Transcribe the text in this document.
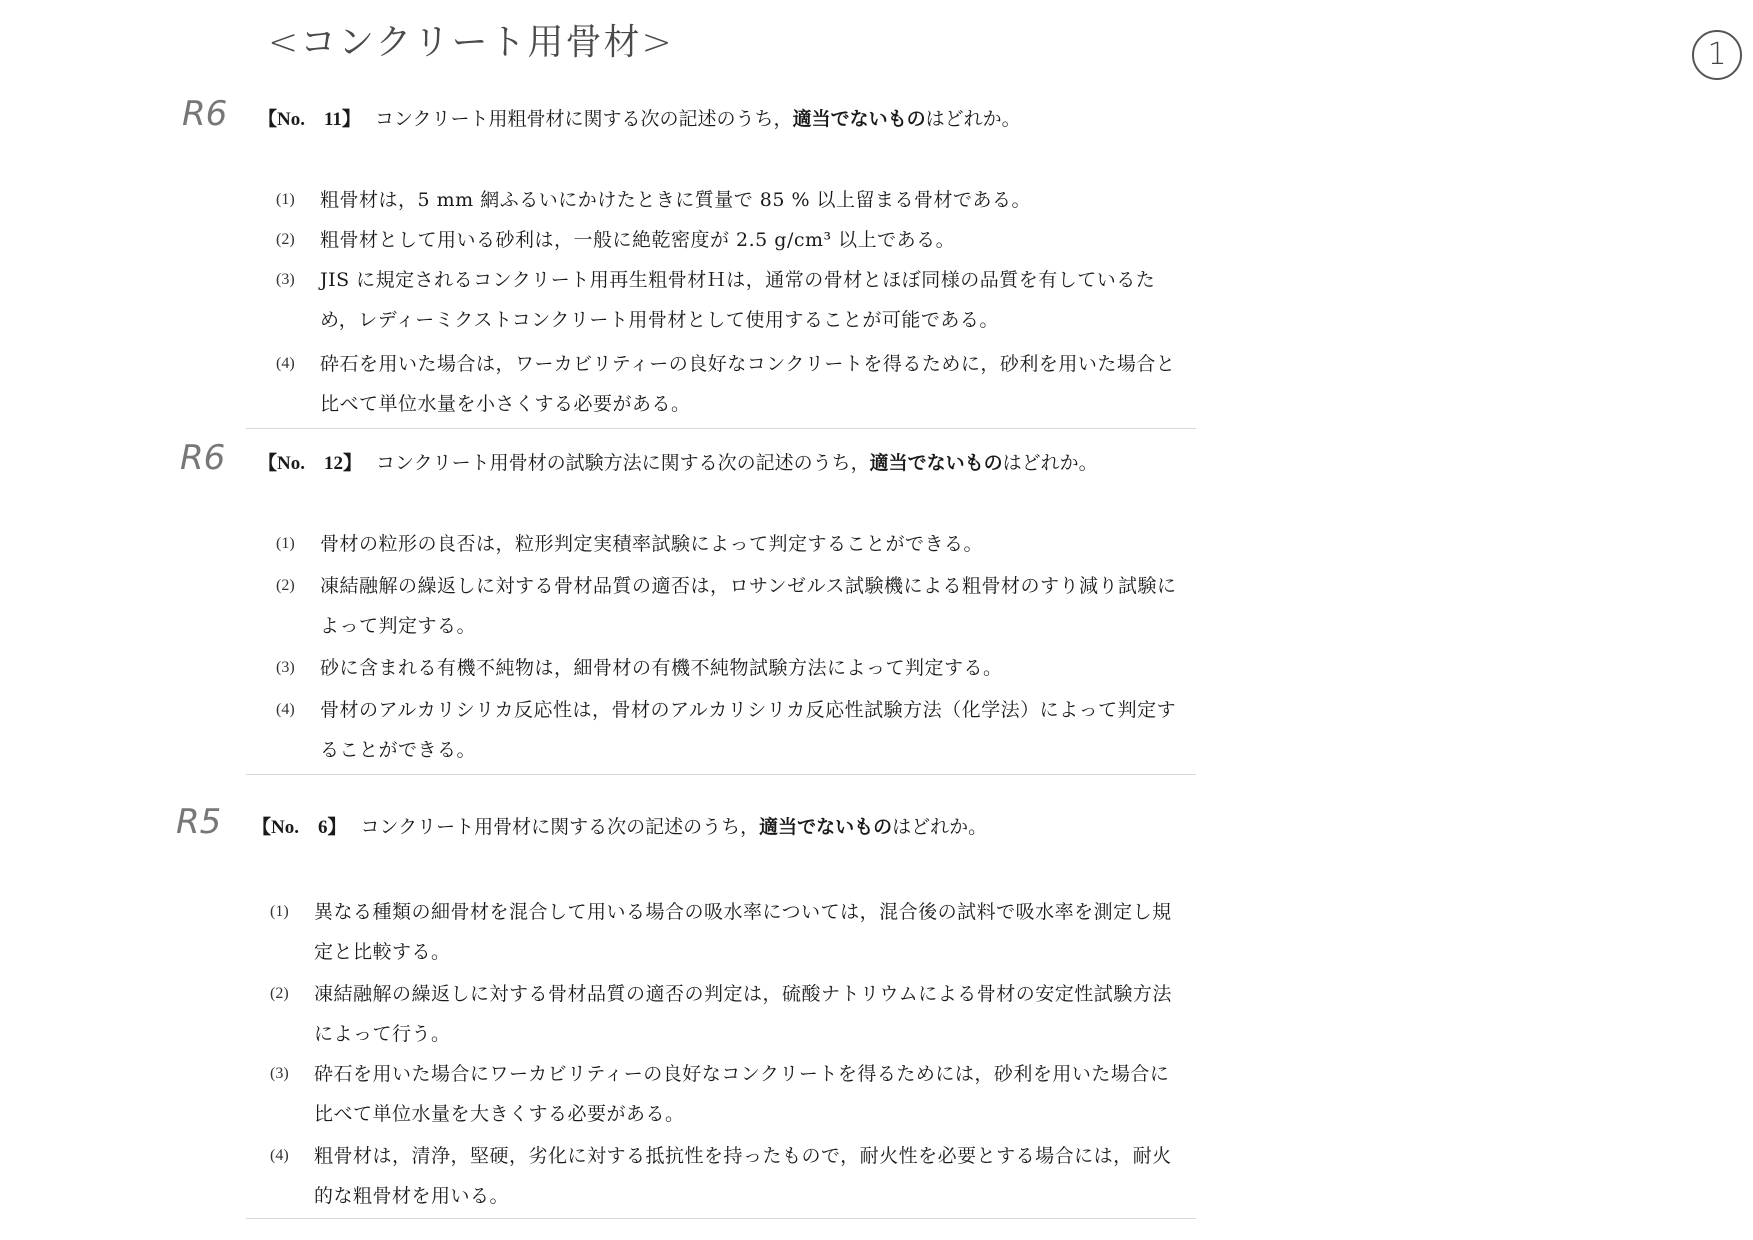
<コンクリート用骨材>	1
R6 【No.　11】 コンクリート用粗骨材に関する次の記述のうち，適当でないものはどれか。
(1) 粗骨材は，5 mm 網ふるいにかけたときに質量で 85 % 以上留まる骨材である。
(2) 粗骨材として用いる砂利は，一般に絶乾密度が 2.5 g/cm³ 以上である。
(3) JIS に規定されるコンクリート用再生粗骨材Ｈは，通常の骨材とほぼ同様の品質を有しているため，レディーミクストコンクリート用骨材として使用することが可能である。
(4) 砕石を用いた場合は，ワーカビリティーの良好なコンクリートを得るために，砂利を用いた場合と比べて単位水量を小さくする必要がある。
R6 【No.　12】 コンクリート用骨材の試験方法に関する次の記述のうち，適当でないものはどれか。
(1) 骨材の粒形の良否は，粒形判定実積率試験によって判定することができる。
(2) 凍結融解の繰返しに対する骨材品質の適否は，ロサンゼルス試験機による粗骨材のすり減り試験によって判定する。
(3) 砂に含まれる有機不純物は，細骨材の有機不純物試験方法によって判定する。
(4) 骨材のアルカリシリカ反応性は，骨材のアルカリシリカ反応性試験方法（化学法）によって判定することができる。
R5 【No.　6】 コンクリート用骨材に関する次の記述のうち，適当でないものはどれか。
(1) 異なる種類の細骨材を混合して用いる場合の吸水率については，混合後の試料で吸水率を測定し規定と比較する。
(2) 凍結融解の繰返しに対する骨材品質の適否の判定は，硫酸ナトリウムによる骨材の安定性試験方法によって行う。
(3) 砕石を用いた場合にワーカビリティーの良好なコンクリートを得るためには，砂利を用いた場合に比べて単位水量を大きくする必要がある。
(4) 粗骨材は，清浄，堅硬，劣化に対する抵抗性を持ったもので，耐火性を必要とする場合には，耐火的な粗骨材を用いる。
